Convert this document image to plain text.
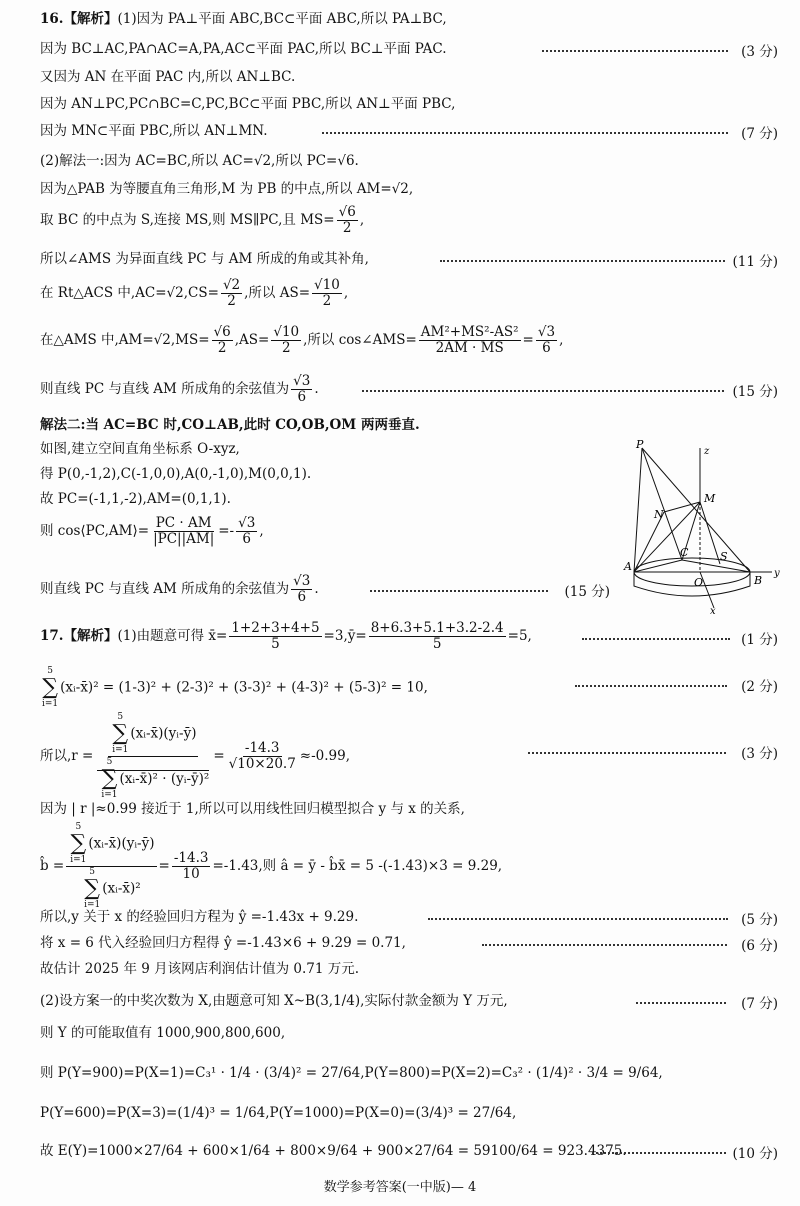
16.【解析】(1)因为 PA⊥平面 ABC,BC⊂平面 ABC,所以 PA⊥BC,
因为 BC⊥AC,PA∩AC=A,PA,AC⊂平面 PAC,所以 BC⊥平面 PAC.	(3 分)
又因为 AN 在平面 PAC 内,所以 AN⊥BC.
因为 AN⊥PC,PC∩BC=C,PC,BC⊂平面 PBC,所以 AN⊥平面 PBC,
因为 MN⊂平面 PBC,所以 AN⊥MN.	(7 分)
(2)解法一:因为 AC=BC,所以 AC=√2,所以 PC=√6.
因为△PAB 为等腰直角三角形,M 为 PB 的中点,所以 AM=√2,
取 BC 的中点为 S,连接 MS,则 MS∥PC,且 $MS= \frac{√6}{2}$ ,
所以∠AMS 为异面直线 PC 与 AM 所成的角或其补角,	(11 分)
在 Rt△ACS 中$,AC=√2,CS= \frac{√2}{2}$ ,所以 $AS= \frac{√10}{2}$ ,
在△AMS 中$,AM=√2,MS= \frac{√6}{2} ,AS= \frac{√10}{2}$ ,所以 cos∠AMS= $\frac{\text{AM²+MS²-AS²}}{2AM \cdot MS} = \frac{√3}{6}$ ,
则直线 PC 与直线 AM 所成角的余弦值为 $\frac{√3}{6}$ .	(15 分)
解法二:当 AC=BC 时,CO⊥AB,此时 CO,OB,OM 两两垂直.
如图,建立空间直角坐标系 O-xyz,
得 P(0,-1,2),C(-1,0,0),A(0,-1,0),M(0,0,1).
故 PC=(-1,1,-2),AM=(0,1,1).
则 cos⟨PC,AM⟩= $\frac{PC \cdot AM}{|PC||AM|} =- \frac{√3}{6}$ ,
则直线 PC 与直线 AM 所成角的余弦值为 $\frac{√3}{6}$ .	(15 分)
P
z
M
N
C	S
A
O	B
y
x
17.【解析】(1)由题意可得 x̄= $\frac{1+2+3+4+5}{5}$ =3,ȳ= $\frac{8+6.3+5.1+3.2-2.4}{5} =5$,	(1 分)
5
∑
i=1
(xᵢ-x̄)² = (1-3)² + (2-3)² + (3-3)² + (4-3)² + (5-3)² = 10,	(2 分)
所以,r = 5
∑
i=1
(xᵢ-x̄)(yᵢ-ȳ)
5
∑
i=1
(xᵢ-x̄)² · (yᵢ-ȳ)² = $\frac{-14.3}{√10\times 20.7} \approx-0.99$,	(3 分)
因为 | r |≈0.99 接近于 1,所以可以用线性回归模型拟合 y 与 x 的关系,
b̂ = 5
∑
i=1
(xᵢ-x̄)(yᵢ-ȳ)
5
∑
i=1
(xᵢ-x̄)² = $\frac{-14.3}{10} =-1.43$,则 â = ȳ - b̂x̄ = 5 -(-1.43)×3 = 9.29,
所以,y 关于 x 的经验回归方程为 ŷ =-1.43x + 9.29.	(5 分)
将 x = 6 代入经验回归方程得 ŷ =-1.43×6 + 9.29 = 0.71,	(6 分)
故估计 2025 年 9 月该网店利润估计值为 0.71 万元.
(2)设方案一的中奖次数为 X,由题意可知 X~B(3,1/4),实际付款金额为 Y 万元,	(7 分)
则 Y 的可能取值有 1000,900,800,600,
则 P(Y=900)=P(X=1)=C₃¹ · 1/4 · (3/4)² = 27/64,P(Y=800)=P(X=2)=C₃² · (1/4)² · 3/4 = 9/64,
P(Y=600)=P(X=3)=(1/4)³ = 1/64,P(Y=1000)=P(X=0)=(3/4)³ = 27/64,
故 E(Y)=1000×27/64 + 600×1/64 + 800×9/64 + 900×27/64 = 59100/64 = 923.4375.	(10 分)
数学参考答案(一中版)— 4
